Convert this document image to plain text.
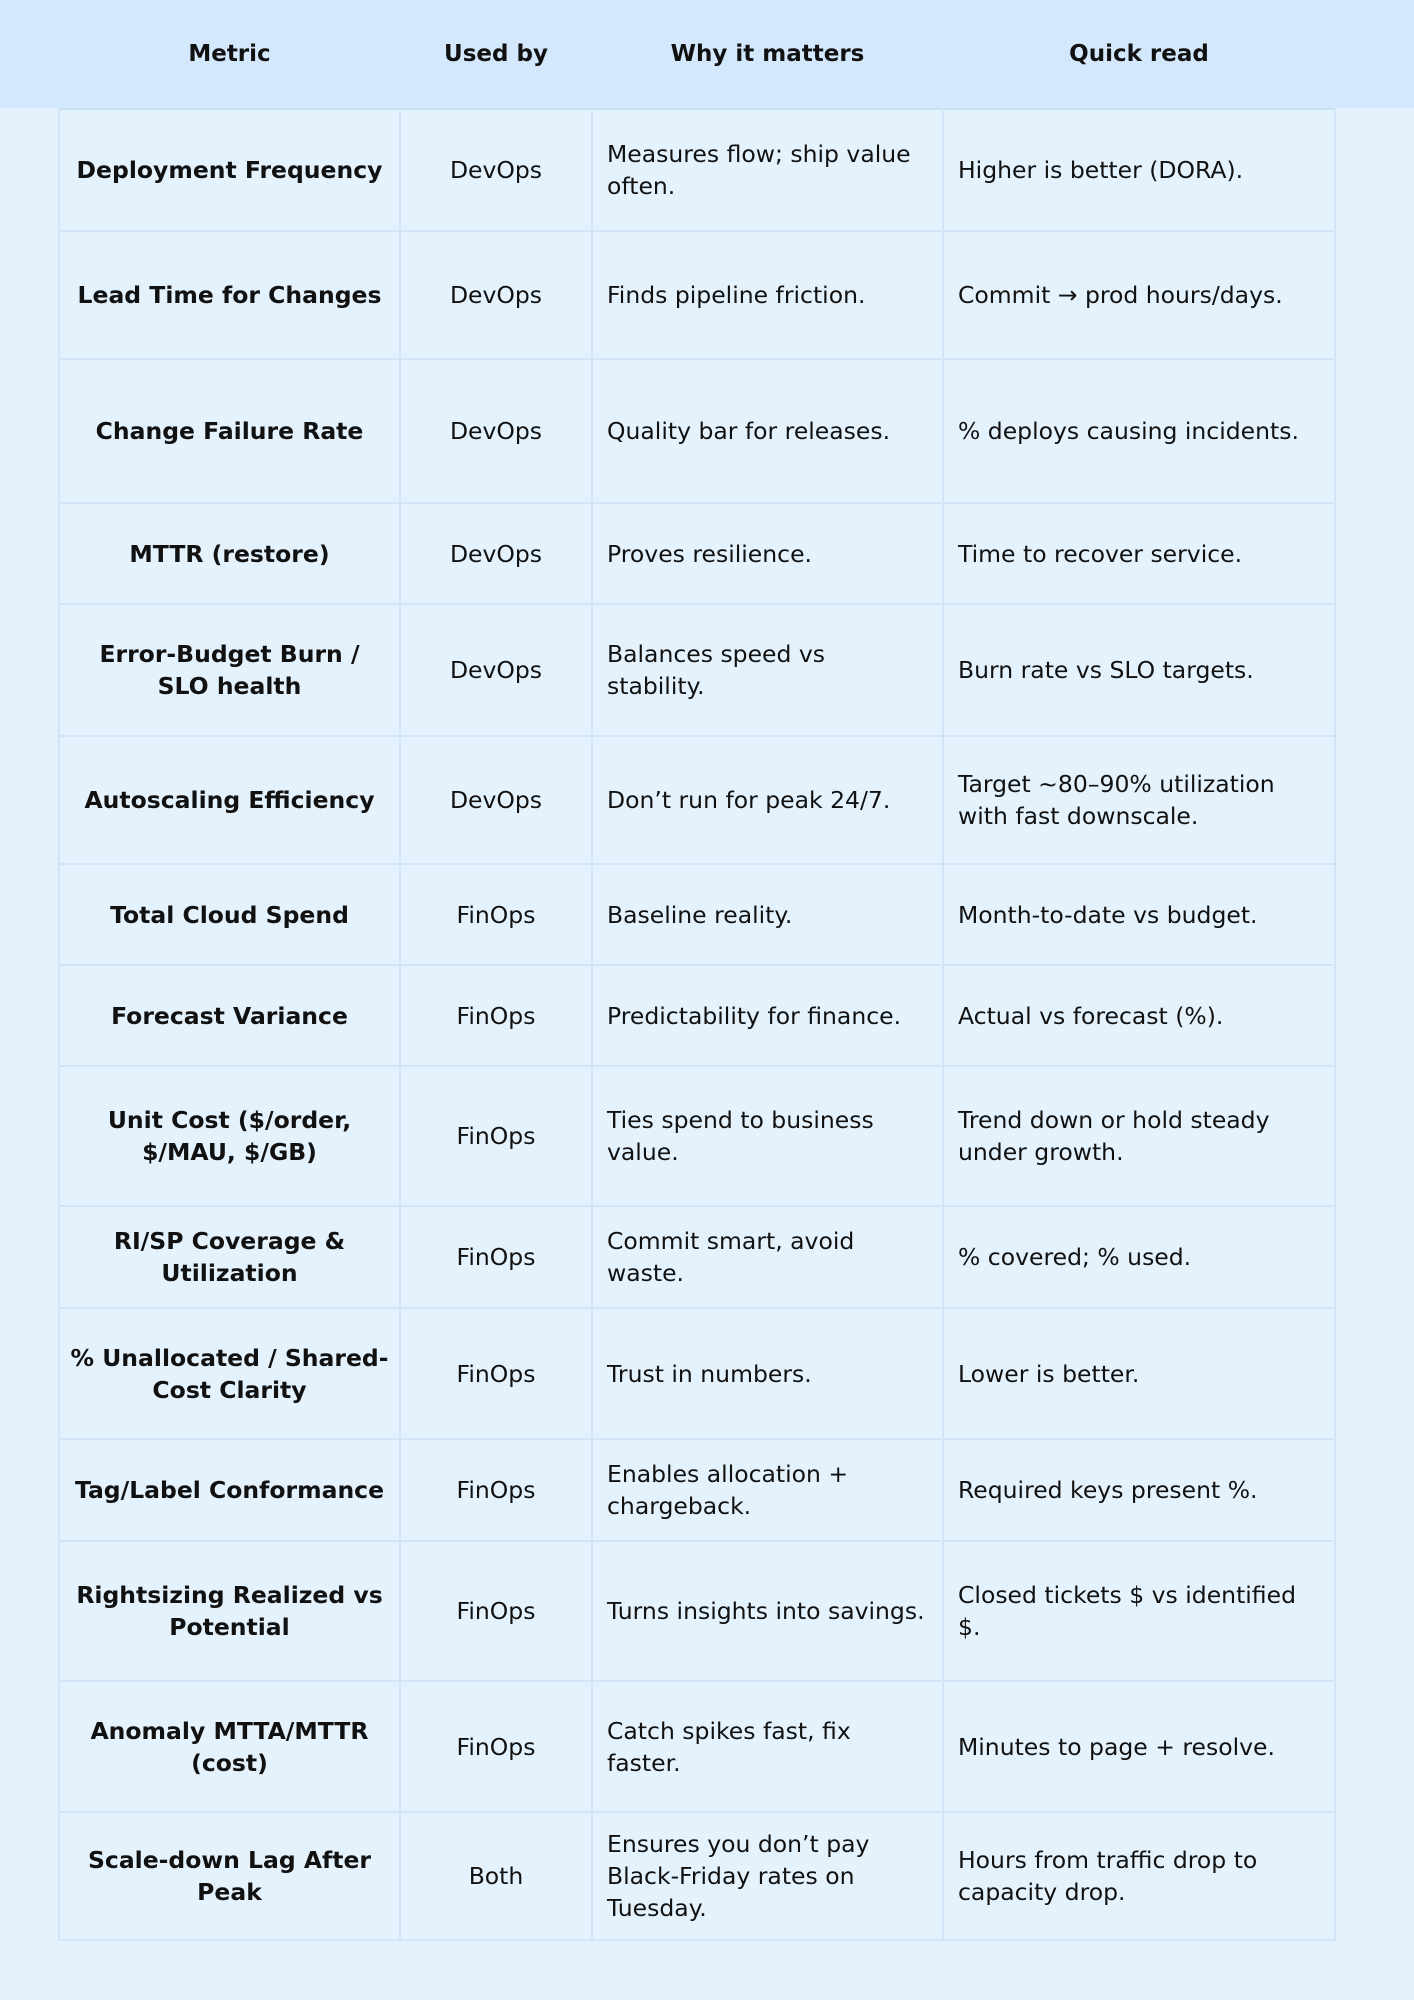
Metric	Used by	Why it matters	Quick read
Deployment Frequency	DevOps	Measures flow; ship value often.	Higher is better (DORA).
Lead Time for Changes	DevOps	Finds pipeline friction.	Commit → prod hours/days.
Change Failure Rate	DevOps	Quality bar for releases.	% deploys causing incidents.
MTTR (restore)	DevOps	Proves resilience.	Time to recover service.
Error-Budget Burn / SLO health	DevOps	Balances speed vs stability.	Burn rate vs SLO targets.
Autoscaling Efficiency	DevOps	Don’t run for peak 24/7.	Target ~80–90% utilization with fast downscale.
Total Cloud Spend	FinOps	Baseline reality.	Month-to-date vs budget.
Forecast Variance	FinOps	Predictability for finance.	Actual vs forecast (%).
Unit Cost ($/order, $/MAU, $/GB)	FinOps	Ties spend to business value.	Trend down or hold steady under growth.
RI/SP Coverage & Utilization	FinOps	Commit smart, avoid waste.	% covered; % used.
% Unallocated / Shared-Cost Clarity	FinOps	Trust in numbers.	Lower is better.
Tag/Label Conformance	FinOps	Enables allocation + chargeback.	Required keys present %.
Rightsizing Realized vs Potential	FinOps	Turns insights into savings.	Closed tickets $ vs identified $.
Anomaly MTTA/MTTR (cost)	FinOps	Catch spikes fast, fix faster.	Minutes to page + resolve.
Scale-down Lag After Peak	Both	Ensures you don’t pay Black-Friday rates on Tuesday.	Hours from traffic drop to capacity drop.
